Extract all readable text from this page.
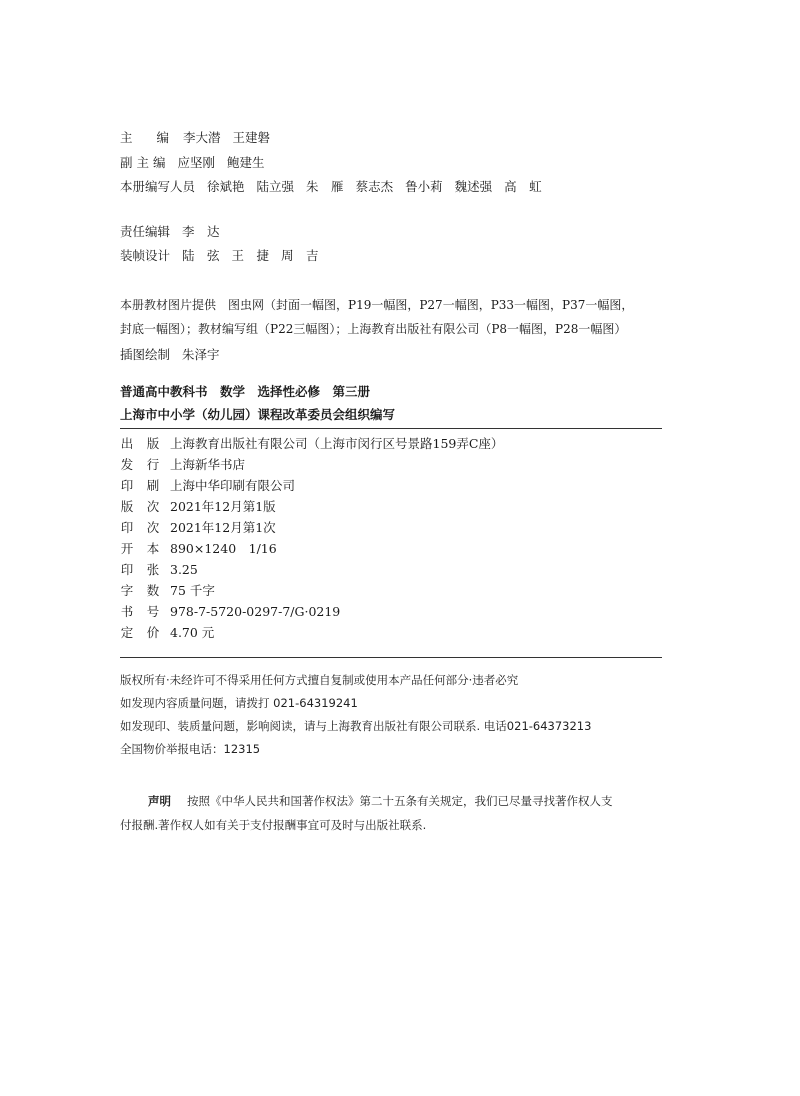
主 编 李大潜 王建磐
副 主 编 应坚刚 鲍建生
本册编写人员 徐斌艳 陆立强 朱　雁 蔡志杰 鲁小莉 魏述强 高　虹
责任编辑 李　达
装帧设计 陆　弦 王　捷 周　吉
本册教材图片提供　图虫网（封面一幅图，P19一幅图，P27一幅图，P33一幅图，P37一幅图，
封底一幅图）；教材编写组（P22三幅图）；上海教育出版社有限公司（P8一幅图，P28一幅图）
插图绘制 朱泽宇
普通高中教科书　数学　选择性必修　第三册
上海市中小学（幼儿园）课程改革委员会组织编写
出 版 上海教育出版社有限公司（上海市闵行区号景路159弄C座）
发 行 上海新华书店
印 刷 上海中华印刷有限公司
版 次 2021年12月第1版
印 次 2021年12月第1次
开 本 890×1240　1/16
印 张 3.25
字 数 75 千字
书 号 978-7-5720-0297-7/G·0219
定 价 4.70 元
版权所有·未经许可不得采用任何方式擅自复制或使用本产品任何部分·违者必究
如发现内容质量问题，请拨打 021-64319241
如发现印、装质量问题，影响阅读，请与上海教育出版社有限公司联系. 电话021-64373213
全国物价举报电话：12315
声明 按照《中华人民共和国著作权法》第二十五条有关规定，我们已尽量寻找著作权人支
付报酬.著作权人如有关于支付报酬事宜可及时与出版社联系.
